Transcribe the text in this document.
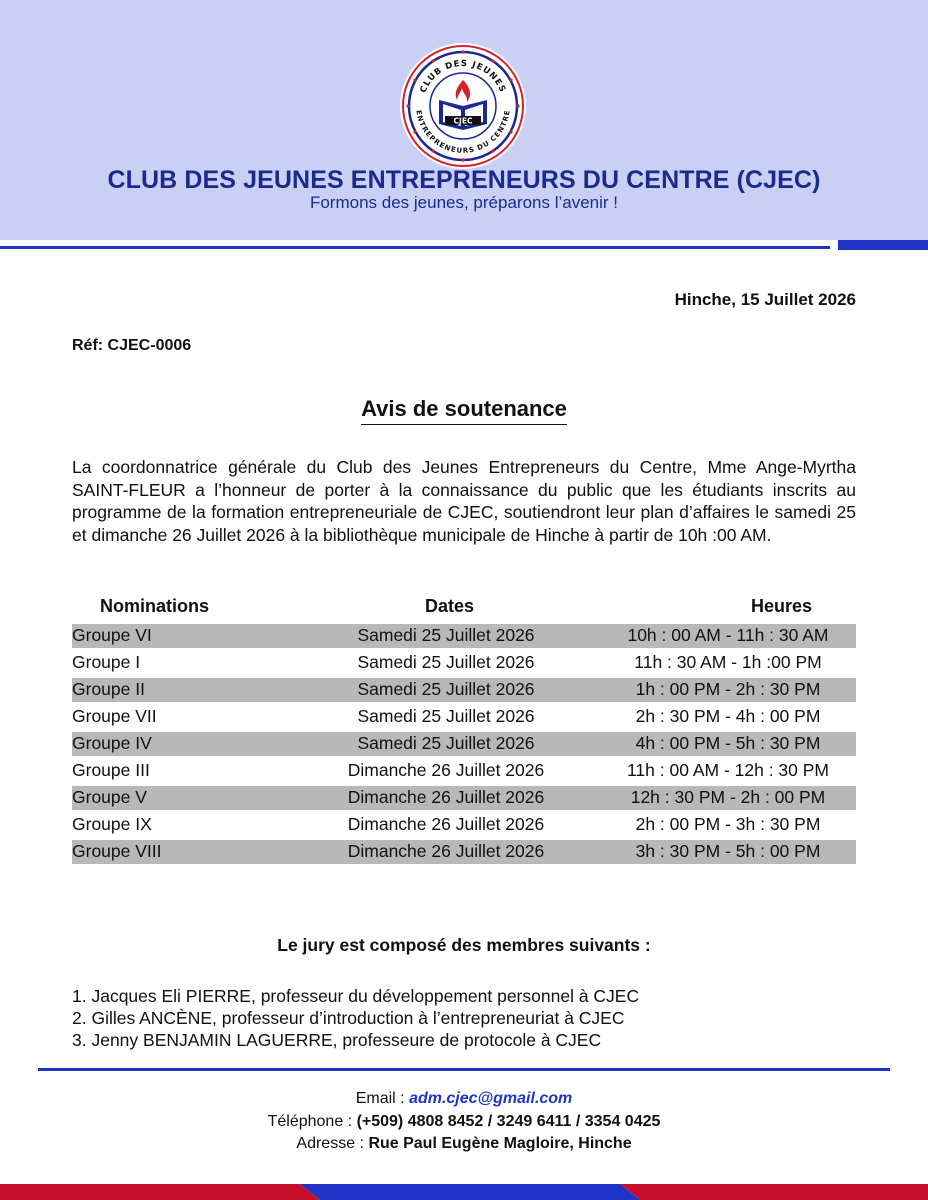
CLUB DES JEUNES
ENTREPRENEURS DU CENTRE
CJEC
CLUB DES JEUNES ENTREPRENEURS DU CENTRE (CJEC)
Formons des jeunes, préparons l’avenir !
Hinche, 15 Juillet 2026
Réf: CJEC-0006
Avis de soutenance
La coordonnatrice générale du Club des Jeunes Entrepreneurs du Centre, Mme Ange-Myrtha SAINT-FLEUR a l’honneur de porter à la connaissance du public que les étudiants inscrits au programme de la formation entrepreneuriale de CJEC, soutiendront leur plan d’affaires le samedi 25 et dimanche 26 Juillet 2026 à la bibliothèque municipale de Hinche à partir de 10h :00 AM.
Nominations	Dates	Heures
Groupe VI	Samedi 25 Juillet 2026	10h : 00 AM - 11h : 30 AM
Groupe I	Samedi 25 Juillet 2026	11h : 30 AM - 1h :00 PM
Groupe II	Samedi 25 Juillet 2026	1h : 00 PM - 2h : 30 PM
Groupe VII	Samedi 25 Juillet 2026	2h : 30 PM - 4h : 00 PM
Groupe IV	Samedi 25 Juillet 2026	4h : 00 PM - 5h : 30 PM
Groupe III	Dimanche 26 Juillet 2026	11h : 00 AM - 12h : 30 PM
Groupe V	Dimanche 26 Juillet 2026	12h : 30 PM - 2h : 00 PM
Groupe IX	Dimanche 26 Juillet 2026	2h : 00 PM - 3h : 30 PM
Groupe VIII	Dimanche 26 Juillet 2026	3h : 30 PM - 5h : 00 PM
Le jury est composé des membres suivants :
1. Jacques Eli PIERRE, professeur du développement personnel à CJEC
2. Gilles ANCÈNE, professeur d’introduction à l’entrepreneuriat à CJEC
3. Jenny BENJAMIN LAGUERRE, professeure de protocole à CJEC
Email : adm.cjec@gmail.com
Téléphone : (+509) 4808 8452 / 3249 6411 / 3354 0425
Adresse : Rue Paul Eugène Magloire, Hinche
